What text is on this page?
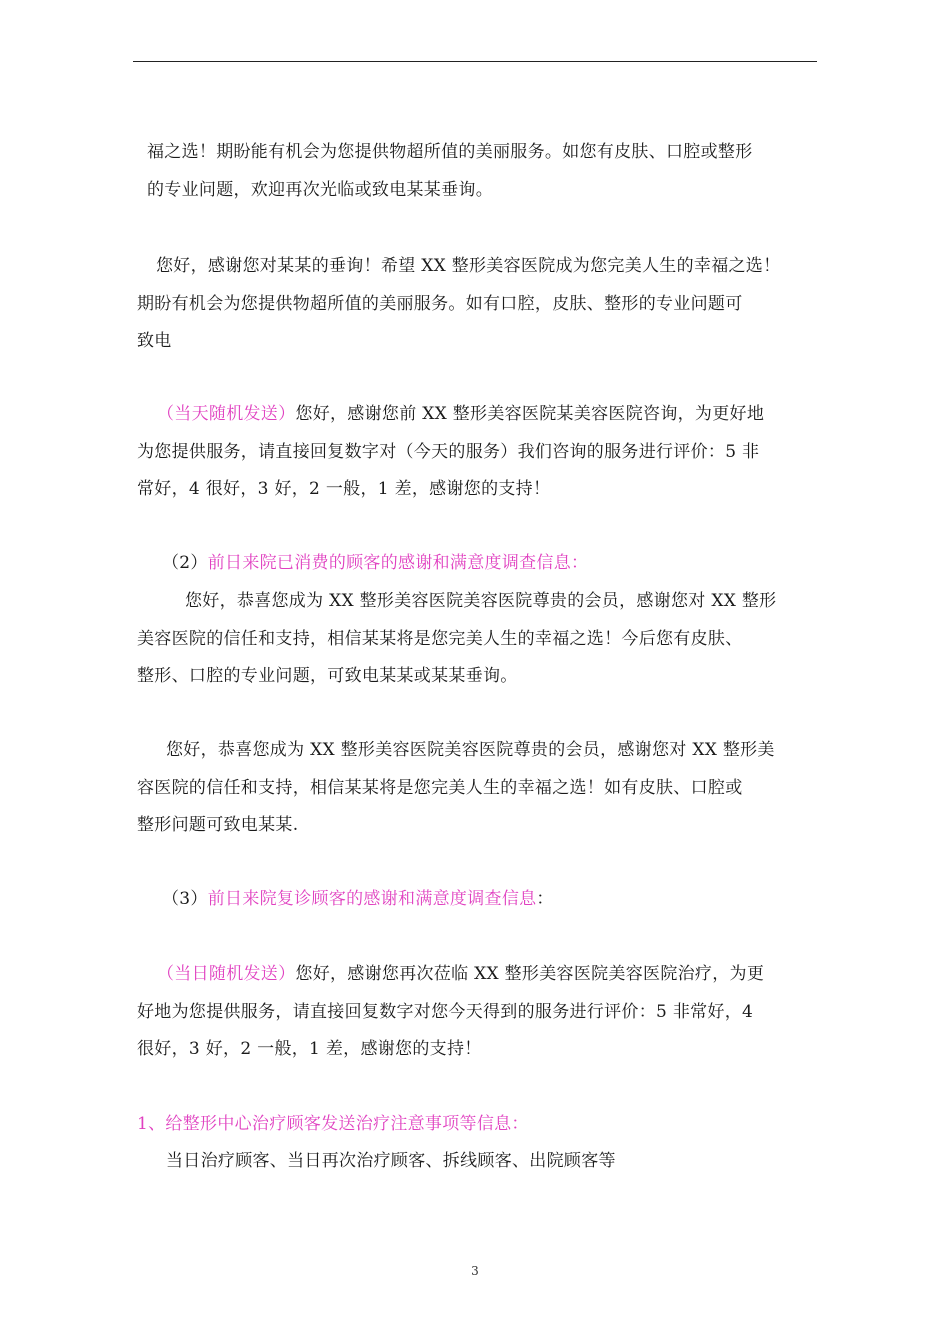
福之选！期盼能有机会为您提供物超所值的美丽服务。如您有皮肤、口腔或整形
的专业问题，欢迎再次光临或致电某某垂询。
您好，感谢您对某某的垂询！希望 XX 整形美容医院成为您完美人生的幸福之选！
期盼有机会为您提供物超所值的美丽服务。如有口腔，皮肤、整形的专业问题可
致电
（当天随机发送）您好，感谢您前 XX 整形美容医院某美容医院咨询，为更好地
为您提供服务，请直接回复数字对（今天的服务）我们咨询的服务进行评价：5 非
常好，4 很好，3 好，2 一般，1 差，感谢您的支持！
（2）前日来院已消费的顾客的感谢和满意度调查信息：
您好，恭喜您成为 XX 整形美容医院美容医院尊贵的会员，感谢您对 XX 整形
美容医院的信任和支持，相信某某将是您完美人生的幸福之选！今后您有皮肤、
整形、口腔的专业问题，可致电某某或某某垂询。
您好，恭喜您成为 XX 整形美容医院美容医院尊贵的会员，感谢您对 XX 整形美
容医院的信任和支持，相信某某将是您完美人生的幸福之选！如有皮肤、口腔或
整形问题可致电某某.
（3）前日来院复诊顾客的感谢和满意度调查信息：
（当日随机发送）您好，感谢您再次莅临 XX 整形美容医院美容医院治疗，为更
好地为您提供服务，请直接回复数字对您今天得到的服务进行评价：5 非常好，4
很好，3 好，2 一般，1 差，感谢您的支持！
1、给整形中心治疗顾客发送治疗注意事项等信息：
当日治疗顾客、当日再次治疗顾客、拆线顾客、出院顾客等
3
